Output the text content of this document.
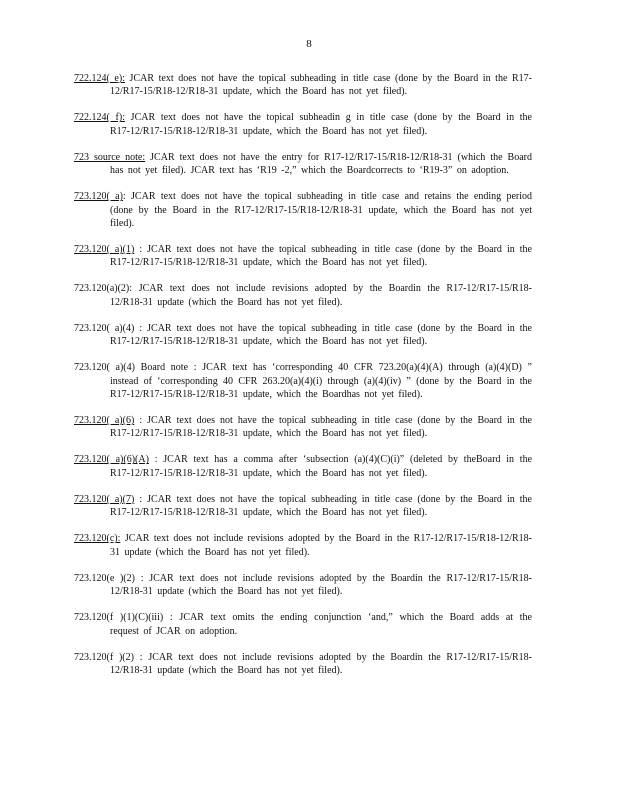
8

722.124( e): JCAR text does not have the topical subheading in title case (done by the Board in the R17-12/R17-15/R18-12/R18-31 update, which the Board has not yet filed).

722.124( f): JCAR text does not have the topical subheadin g in title case (done by the Board in the R17-12/R17-15/R18-12/R18-31 update, which the Board has not yet filed).

723 source note: JCAR text does not have the entry for R17-12/R17-15/R18-12/R18-31 (which the Board has not yet filed). JCAR text has ‘R19 -2,” which the Boardcorrects to ‘R19-3” on adoption.

723.120( a): JCAR text does not have the topical subheading in title case and retains the ending period (done by the Board in the R17-12/R17-15/R18-12/R18-31 update, which the Board has not yet filed).

723.120( a)(1) : JCAR text does not have the topical subheading in title case (done by the Board in the R17-12/R17-15/R18-12/R18-31 update, which the Board has not yet filed).

723.120(a)(2): JCAR text does not include revisions adopted by the Boardin the R17-12/R17-15/R18-12/R18-31 update (which the Board has not yet filed).

723.120( a)(4) : JCAR text does not have the topical subheading in title case (done by the Board in the R17-12/R17-15/R18-12/R18-31 update, which the Board has not yet filed).

723.120( a)(4) Board note : JCAR text has ‘corresponding 40 CFR 723.20(a)(4)(A) through (a)(4)(D) ” instead of ‘corresponding 40 CFR 263.20(a)(4)(i) through (a)(4)(iv) ” (done by the Board in the R17-12/R17-15/R18-12/R18-31 update, which the Boardhas not yet filed).

723.120( a)(6) : JCAR text does not have the topical subheading in title case (done by the Board in the R17-12/R17-15/R18-12/R18-31 update, which the Board has not yet filed).

723.120( a)(6)(A) : JCAR text has a comma after ‘subsection (a)(4)(C)(i)” (deleted by theBoard in the R17-12/R17-15/R18-12/R18-31 update, which the Board has not yet filed).

723.120( a)(7) : JCAR text does not have the topical subheading in title case (done by the Board in the R17-12/R17-15/R18-12/R18-31 update, which the Board has not yet filed).

723.120(c): JCAR text does not include revisions adopted by the Board in the R17-12/R17-15/R18-12/R18-31 update (which the Board has not yet filed).

723.120(e )(2) : JCAR text does not include revisions adopted by the Boardin the R17-12/R17-15/R18-12/R18-31 update (which the Board has not yet filed).

723.120(f )(1)(C)(iii) : JCAR text omits the ending conjunction ‘and,” which the Board adds at the request of JCAR on adoption.

723.120(f )(2) : JCAR text does not include revisions adopted by the Boardin the R17-12/R17-15/R18-12/R18-31 update (which the Board has not yet filed).
